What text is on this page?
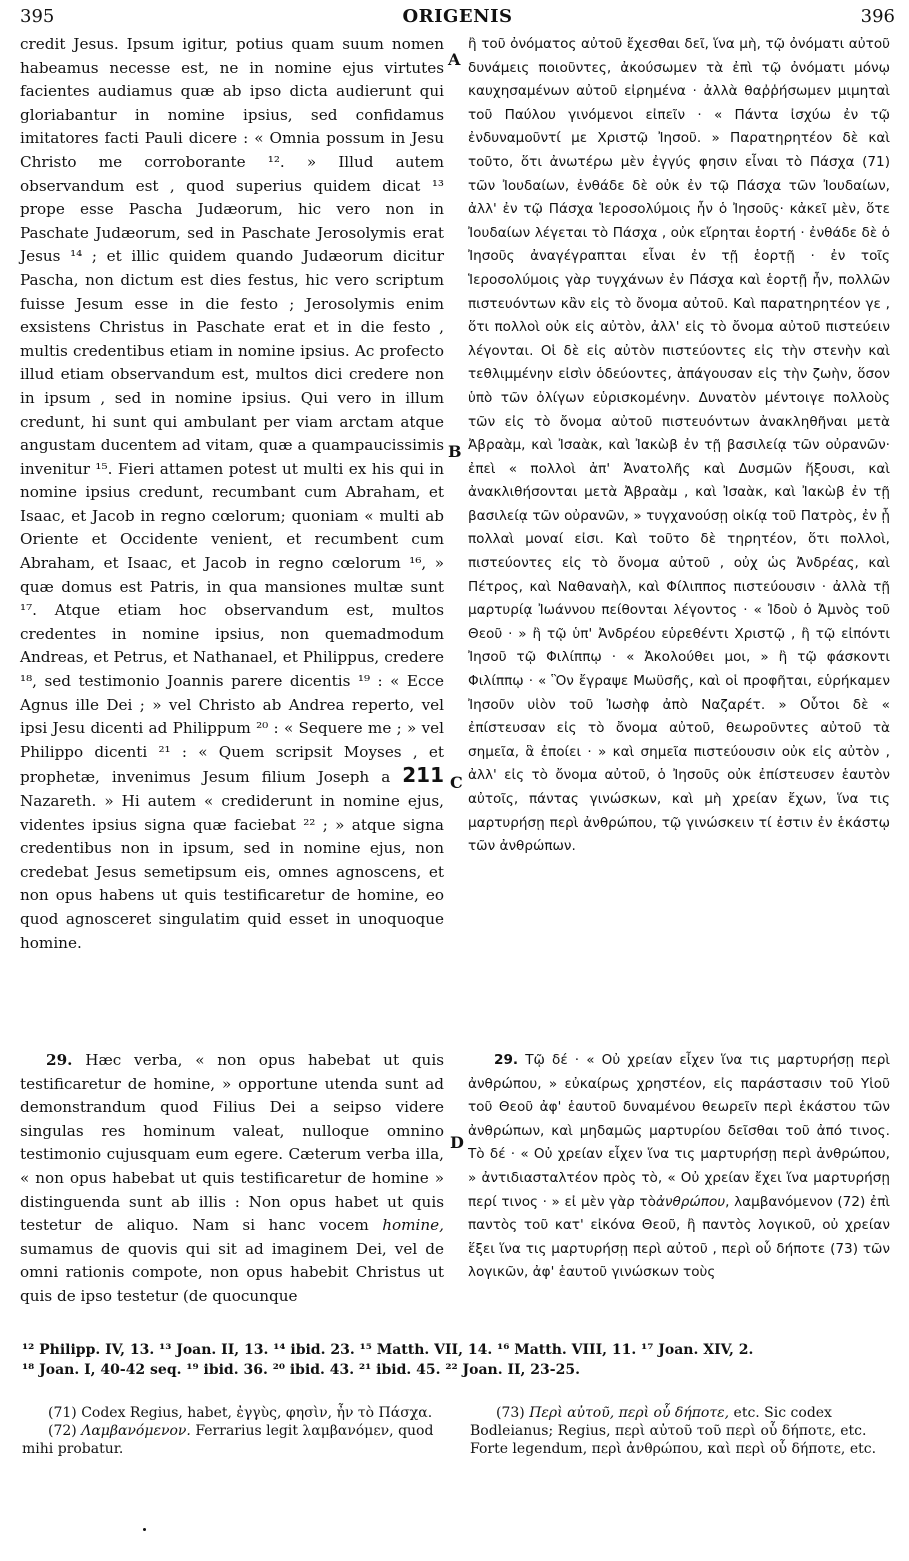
395	ORIGENIS	396
A
B
C
D

credit Jesus. Ipsum igitur, potius quam suum nomen habeamus necesse est, ne in nomine ejus virtutes facientes audiamus quæ ab ipso dicta audierunt qui gloriabantur in nomine ipsius, sed confidamus imitatores facti Pauli dicere : « Omnia possum in Jesu Christo me corroborante ¹². » Illud autem observandum est , quod superius quidem dicat ¹³ prope esse Pascha Judæorum, hic vero non in Paschate Judæorum, sed in Paschate Jerosolymis erat Jesus ¹⁴ ; et illic quidem quando Judæorum dicitur Pascha, non dictum est dies festus, hic vero scriptum fuisse Jesum esse in die festo ; Jerosolymis enim exsistens Christus in Paschate erat et in die festo , multis credentibus etiam in nomine ipsius. Ac profecto illud etiam observandum est, multos dici credere non in ipsum , sed in nomine ipsius. Qui vero in illum credunt, hi sunt qui ambulant per viam arctam atque angustam ducentem ad vitam, quæ a quampaucissimis invenitur ¹⁵. Fieri attamen potest ut multi ex his qui in nomine ipsius credunt, recumbant cum Abraham, et Isaac, et Jacob in regno cœlorum; quoniam « multi ab Oriente et Occidente venient, et recumbent cum Abraham, et Isaac, et Jacob in regno cœlorum ¹⁶, » quæ domus est Patris, in qua mansiones multæ sunt ¹⁷. Atque etiam hoc observandum est, multos credentes in nomine ipsius, non quemadmodum Andreas, et Petrus, et Nathanael, et Philippus, credere ¹⁸, sed testimonio Joannis parere dicentis ¹⁹ : « Ecce Agnus ille Dei ; » vel Christo ab Andrea reperto, vel ipsi Jesu dicenti ad Philippum ²⁰ : « Sequere me ; » vel Philippo dicenti ²¹ : « Quem scripsit Moyses , et prophetæ, invenimus Jesum filium Joseph a 211 Nazareth. » Hi autem « crediderunt in nomine ejus, videntes ipsius signa quæ faciebat ²² ; » atque signa credentibus non in ipsum, sed in nomine ejus, non credebat Jesus semetipsum eis, omnes agnoscens, et non opus habens ut quis testificaretur de homine, eo quod agnosceret singulatim quid esset in unoquoque homine.

ἢ τοῦ ὀνόματος αὐτοῦ ἔχεσθαι δεῖ, ἵνα μὴ, τῷ ὀνόματι αὐτοῦ δυνάμεις ποιοῦντες, ἀκούσωμεν τὰ ἐπὶ τῷ ὀνόματι μόνῳ καυχησαμένων αὐτοῦ εἰρημένα · ἀλλὰ θαῤῥήσωμεν μιμηταὶ τοῦ Παύλου γινόμενοι εἰπεῖν · « Πάντα ἰσχύω ἐν τῷ ἐνδυναμοῦντί με Χριστῷ Ἰησοῦ. » Παρατηρητέον δὲ καὶ τοῦτο, ὅτι ἀνωτέρω μὲν ἐγγύς φησιν εἶναι τὸ Πάσχα (71) τῶν Ἰουδαίων, ἐνθάδε δὲ οὐκ ἐν τῷ Πάσχα τῶν Ἰουδαίων, ἀλλ' ἐν τῷ Πάσχα Ἱεροσολύμοις ἦν ὁ Ἰησοῦς· κἀκεῖ μὲν, ὅτε Ἰουδαίων λέγεται τὸ Πάσχα , οὐκ εἴρηται ἑορτή · ἐνθάδε δὲ ὁ Ἰησοῦς ἀναγέγραπται εἶναι ἐν τῇ ἑορτῇ · ἐν τοῖς Ἱεροσολύμοις γὰρ τυγχάνων ἐν Πάσχα καὶ ἑορτῇ ἦν, πολλῶν πιστευόντων κἂν εἰς τὸ ὄνομα αὐτοῦ. Καὶ παρατηρητέον γε , ὅτι πολλοὶ οὐκ εἰς αὐτὸν, ἀλλ' εἰς τὸ ὄνομα αὐτοῦ πιστεύειν λέγονται. Οἱ δὲ εἰς αὐτὸν πιστεύοντες εἰς τὴν στενὴν καὶ τεθλιμμένην εἰσὶν ὁδεύοντες, ἀπάγουσαν εἰς τὴν ζωὴν, ὅσον ὑπὸ τῶν ὀλίγων εὑρισκομένην. Δυνατὸν μέντοιγε πολλοὺς τῶν εἰς τὸ ὄνομα αὐτοῦ πιστευόντων ἀνακληθῆναι μετὰ Ἀβραὰμ, καὶ Ἰσαὰκ, καὶ Ἰακὼβ ἐν τῇ βασιλείᾳ τῶν οὐρανῶν· ἐπεὶ « πολλοὶ ἀπ' Ἀνατολῆς καὶ Δυσμῶν ἥξουσι, καὶ ἀνακλιθήσονται μετὰ Ἀβραὰμ , καὶ Ἰσαὰκ, καὶ Ἰακὼβ ἐν τῇ βασιλείᾳ τῶν οὐρανῶν, » τυγχανούσῃ οἰκίᾳ τοῦ Πατρὸς, ἐν ᾗ πολλαὶ μοναί εἰσι. Καὶ τοῦτο δὲ τηρητέον, ὅτι πολλοὶ, πιστεύοντες εἰς τὸ ὄνομα αὐτοῦ , οὐχ ὡς Ἀνδρέας, καὶ Πέτρος, καὶ Ναθαναὴλ, καὶ Φίλιππος πιστεύουσιν · ἀλλὰ τῇ μαρτυρίᾳ Ἰωάννου πείθονται λέγοντος · « Ἰδοὺ ὁ Ἀμνὸς τοῦ Θεοῦ · » ἢ τῷ ὑπ' Ἀνδρέου εὑρεθέντι Χριστῷ , ἢ τῷ εἰπόντι Ἰησοῦ τῷ Φιλίππῳ · « Ἀκολούθει μοι, » ἢ τῷ φάσκοντι Φιλίππῳ · « Ὃν ἔγραψε Μωϋσῆς, καὶ οἱ προφῆται, εὑρήκαμεν Ἰησοῦν υἱὸν τοῦ Ἰωσὴφ ἀπὸ Ναζαρέτ. » Οὗτοι δὲ « ἐπίστευσαν εἰς τὸ ὄνομα αὐτοῦ, θεωροῦντες αὐτοῦ τὰ σημεῖα, ἃ ἐποίει · » καὶ σημεῖα πιστεύουσιν οὐκ εἰς αὐτὸν , ἀλλ' εἰς τὸ ὄνομα αὐτοῦ, ὁ Ἰησοῦς οὐκ ἐπίστευσεν ἑαυτὸν αὐτοῖς, πάντας γινώσκων, καὶ μὴ χρείαν ἔχων, ἵνα τις μαρτυρήσῃ περὶ ἀνθρώπου, τῷ γινώσκειν τί ἐστιν ἐν ἑκάστῳ τῶν ἀνθρώπων.

29. Hæc verba, « non opus habebat ut quis testificaretur de homine, » opportune utenda sunt ad demonstrandum quod Filius Dei a seipso videre singulas res hominum valeat, nulloque omnino testimonio cujusquam eum egere. Cæterum verba illa, « non opus habebat ut quis testificaretur de homine » distinguenda sunt ab illis : Non opus habet ut quis testetur de aliquo. Nam si hanc vocem homine, sumamus de quovis qui sit ad imaginem Dei, vel de omni rationis compote, non opus habebit Christus ut quis de ipso testetur (de quocunque

29. Τῷ δέ · « Οὐ χρείαν εἶχεν ἵνα τις μαρτυρήσῃ περὶ ἀνθρώπου, » εὐκαίρως χρηστέον, εἰς παράστασιν τοῦ Υἱοῦ τοῦ Θεοῦ ἀφ' ἑαυτοῦ δυναμένου θεωρεῖν περὶ ἑκάστου τῶν ἀνθρώπων, καὶ μηδαμῶς μαρτυρίου δεῖσθαι τοῦ ἀπό τινος. Τὸ δέ · « Οὐ χρείαν εἶχεν ἵνα τις μαρτυρήσῃ περὶ ἀνθρώπου, » ἀντιδιασταλτέον πρὸς τὸ, « Οὐ χρείαν ἔχει ἵνα μαρτυρήσῃ περί τινος · » εἰ μὲν γὰρ τὸἀνθρώπου, λαμβανόμενον (72) ἐπὶ παντὸς τοῦ κατ' εἰκόνα Θεοῦ, ἢ παντὸς λογικοῦ, οὐ χρείαν ἕξει ἵνα τις μαρτυρήσῃ περὶ αὐτοῦ , περὶ οὗ δήποτε (73) τῶν λογικῶν, ἀφ' ἑαυτοῦ γινώσκων τοὺς

¹² Philipp. IV, 13. ¹³ Joan. II, 13. ¹⁴ ibid. 23. ¹⁵ Matth. VII, 14. ¹⁶ Matth. VIII, 11. ¹⁷ Joan. XIV, 2.

¹⁸ Joan. I, 40-42 seq. ¹⁹ ibid. 36. ²⁰ ibid. 43. ²¹ ibid. 45. ²² Joan. II, 23-25.

(71) Codex Regius, habet, ἐγγὺς, φησὶν, ἦν τὸ Πάσχα.

(72) Λαμβανόμενον. Ferrarius legit λαμβανόμεν, quod mihi probatur.

(73) Περὶ αὐτοῦ, περὶ οὗ δήποτε, etc. Sic codex Bodleianus; Regius, περὶ αὐτοῦ τοῦ περὶ οὗ δήποτε, etc. Forte legendum, περὶ ἀνθρώπου, καὶ περὶ οὗ δήποτε, etc.
